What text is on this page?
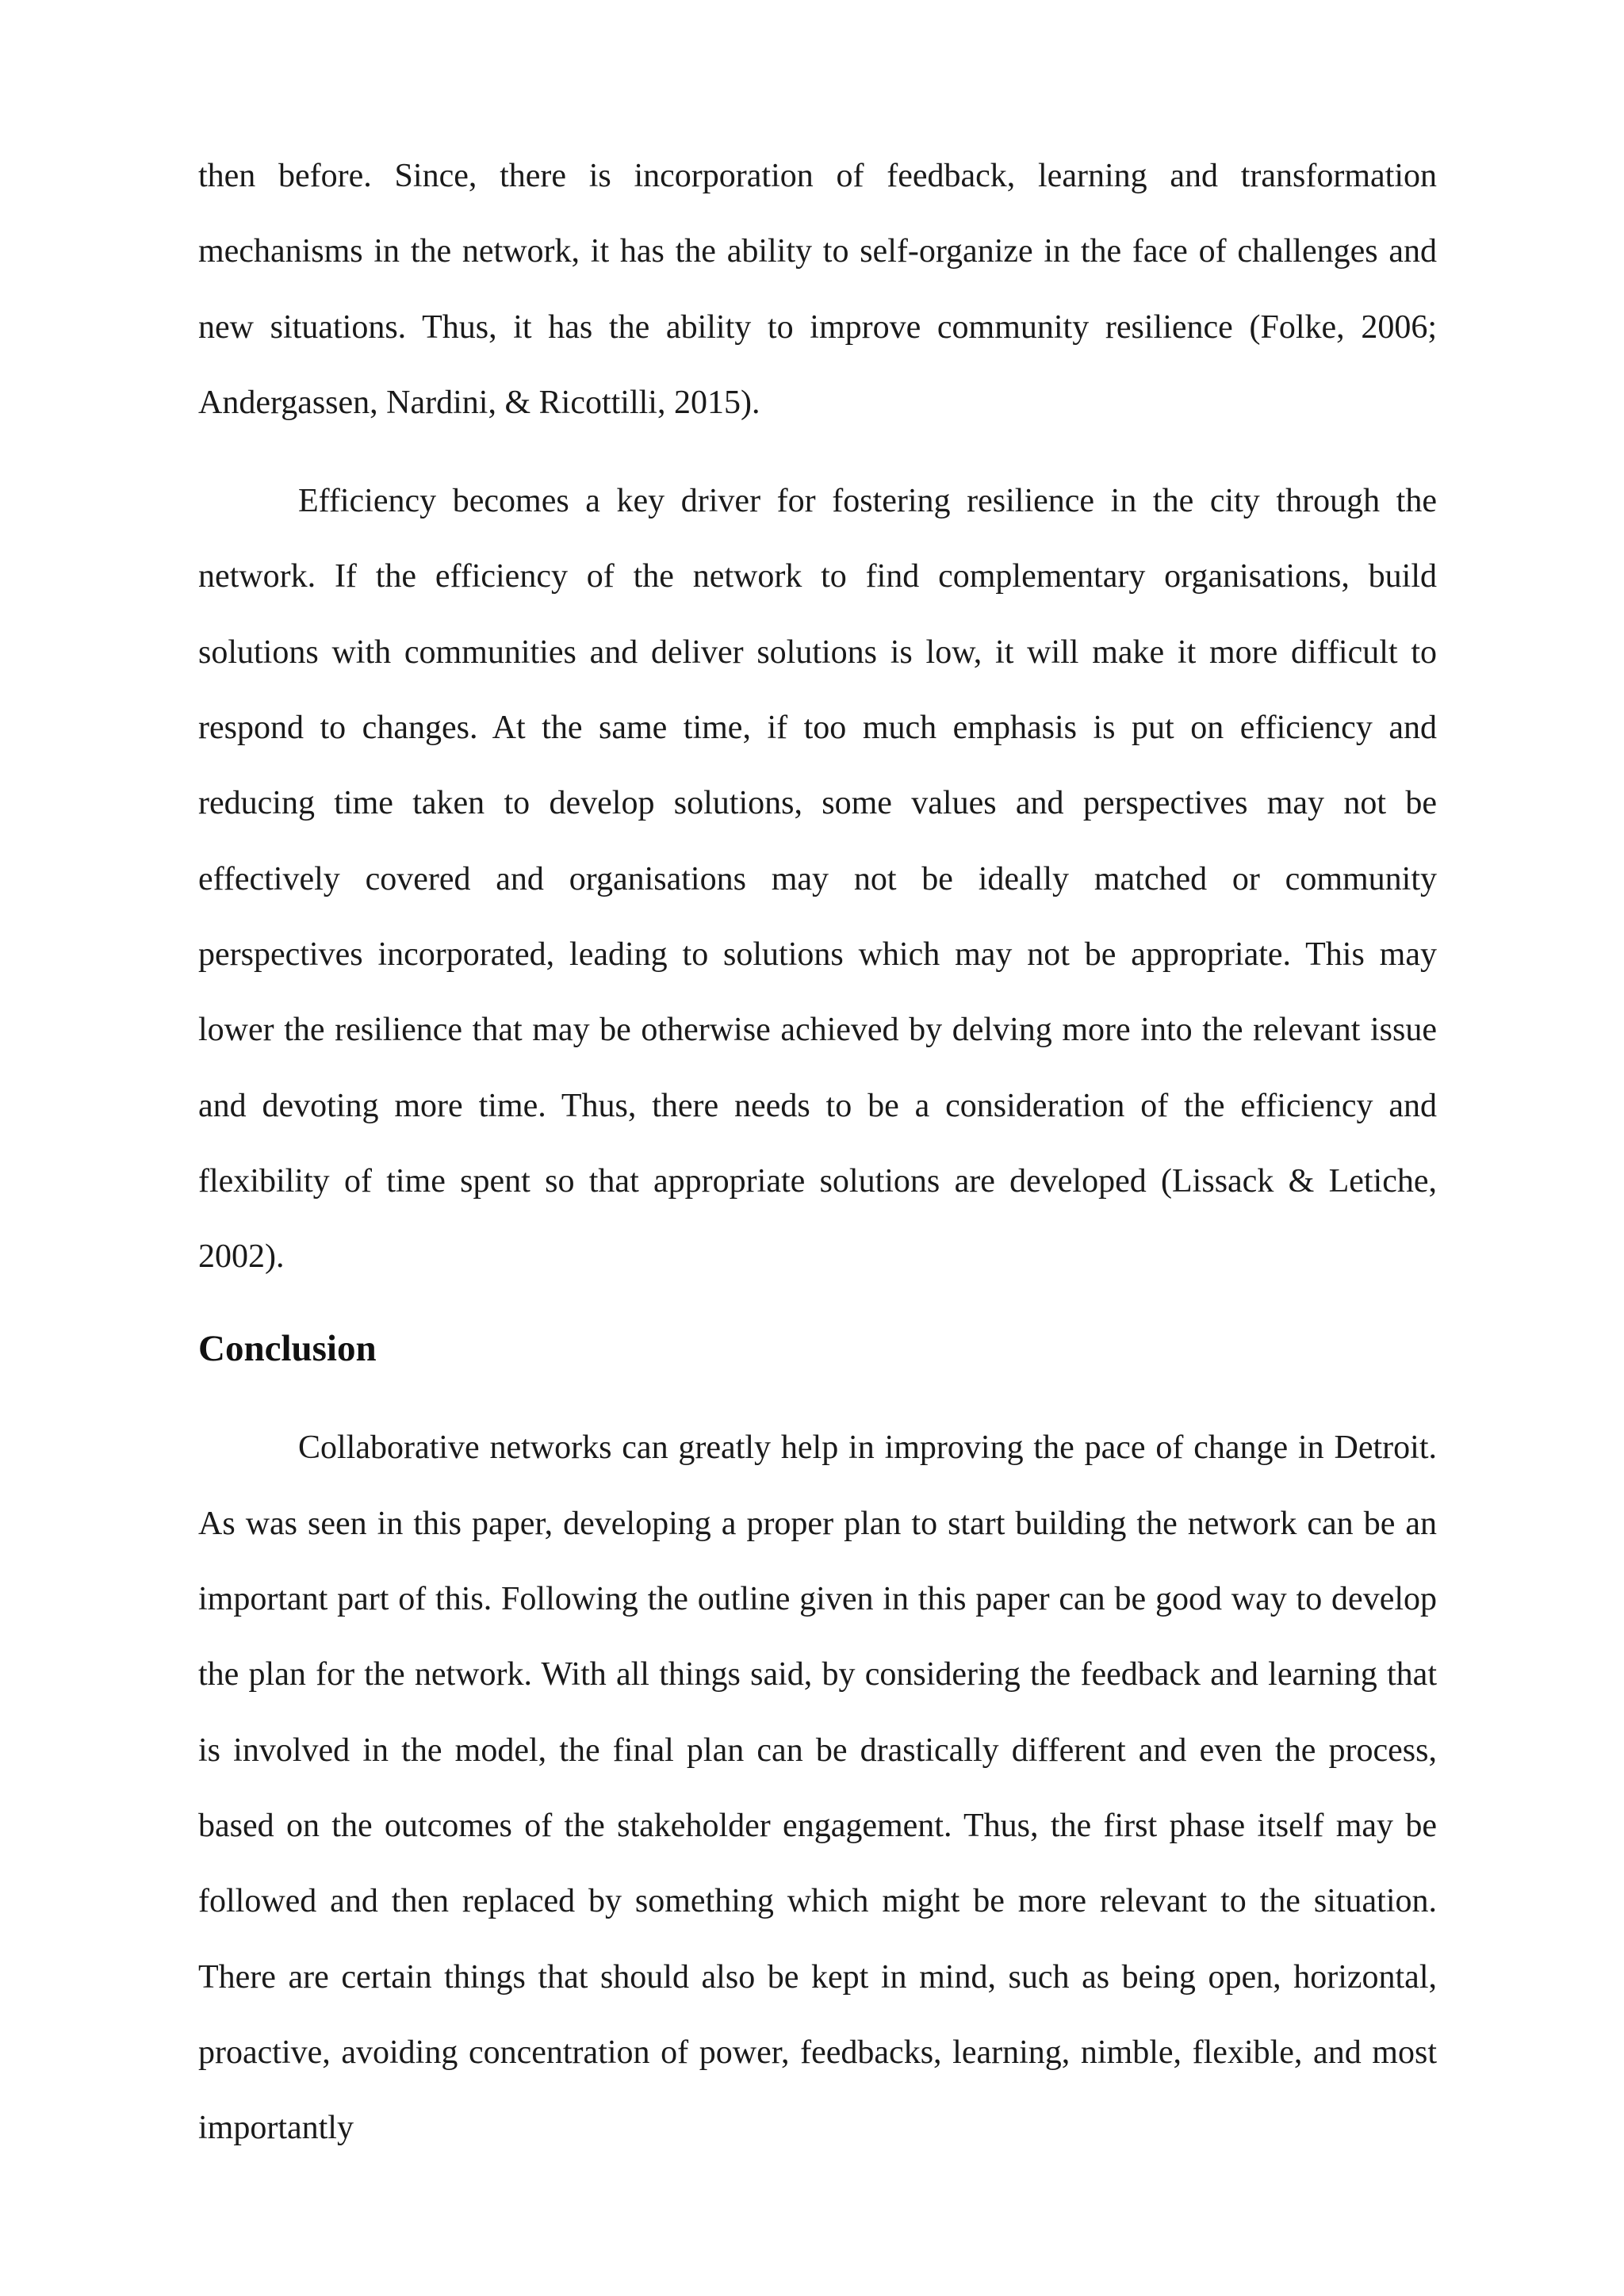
then before. Since, there is incorporation of feedback, learning and transformation mechanisms in the network, it has the ability to self-organize in the face of challenges and new situations. Thus, it has the ability to improve community resilience (Folke, 2006; Andergassen, Nardini, & Ricottilli, 2015).

Efficiency becomes a key driver for fostering resilience in the city through the network. If the efficiency of the network to find complementary organisations, build solutions with communities and deliver solutions is low, it will make it more difficult to respond to changes. At the same time, if too much emphasis is put on efficiency and reducing time taken to develop solutions, some values and perspectives may not be effectively covered and organisations may not be ideally matched or community perspectives incorporated, leading to solutions which may not be appropriate. This may lower the resilience that may be otherwise achieved by delving more into the relevant issue and devoting more time. Thus, there needs to be a consideration of the efficiency and flexibility of time spent so that appropriate solutions are developed (Lissack & Letiche, 2002).

Conclusion

Collaborative networks can greatly help in improving the pace of change in Detroit. As was seen in this paper, developing a proper plan to start building the network can be an important part of this. Following the outline given in this paper can be good way to develop the plan for the network. With all things said, by considering the feedback and learning that is involved in the model, the final plan can be drastically different and even the process, based on the outcomes of the stakeholder engagement. Thus, the first phase itself may be followed and then replaced by something which might be more relevant to the situation. There are certain things that should also be kept in mind, such as being open, horizontal, proactive, avoiding concentration of power, feedbacks, learning, nimble, flexible, and most importantly
